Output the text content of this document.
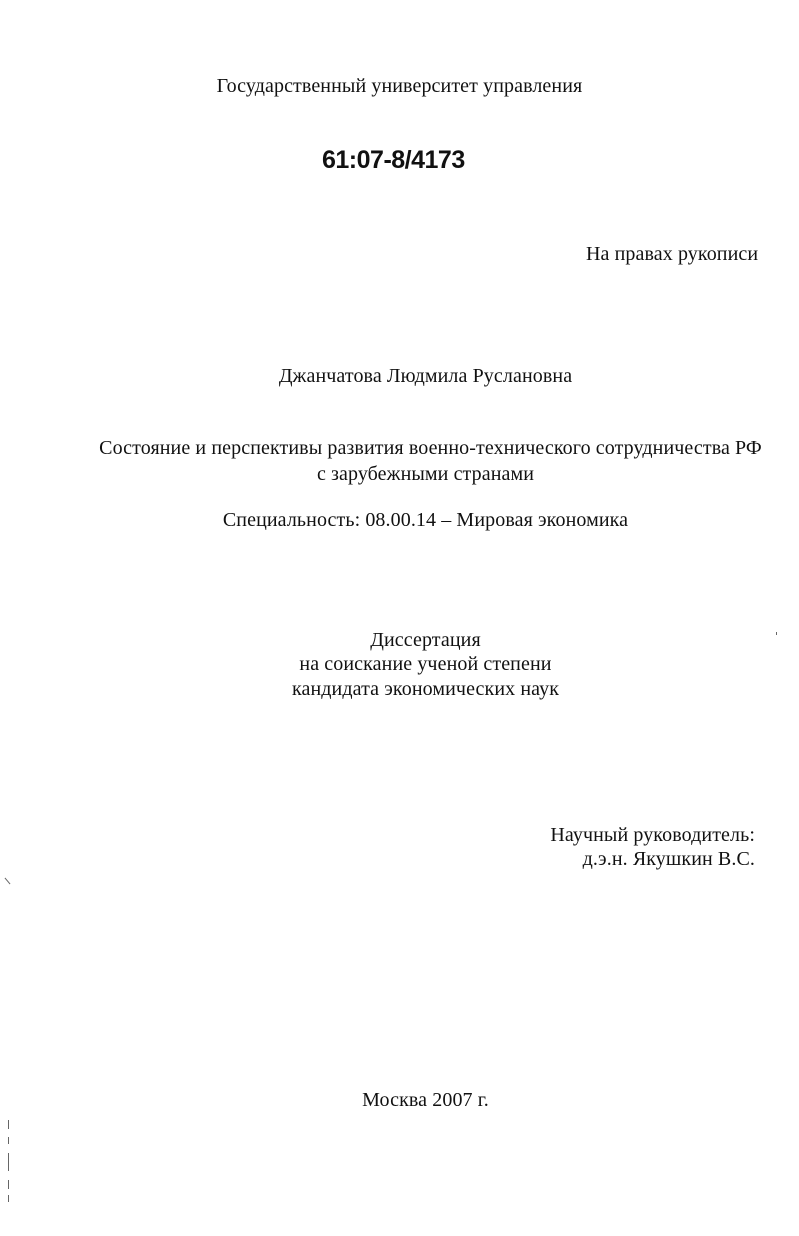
Государственный университет управления
61:07-8/4173
На правах рукописи
Джанчатова Людмила Руслановна
Состояние и перспективы развития военно-технического сотрудничества РФ
с зарубежными странами
Специальность: 08.00.14 – Мировая экономика
Диссертация
на соискание ученой степени
кандидата экономических наук
Научный руководитель:
д.э.н. Якушкин В.С.
Москва 2007 г.
